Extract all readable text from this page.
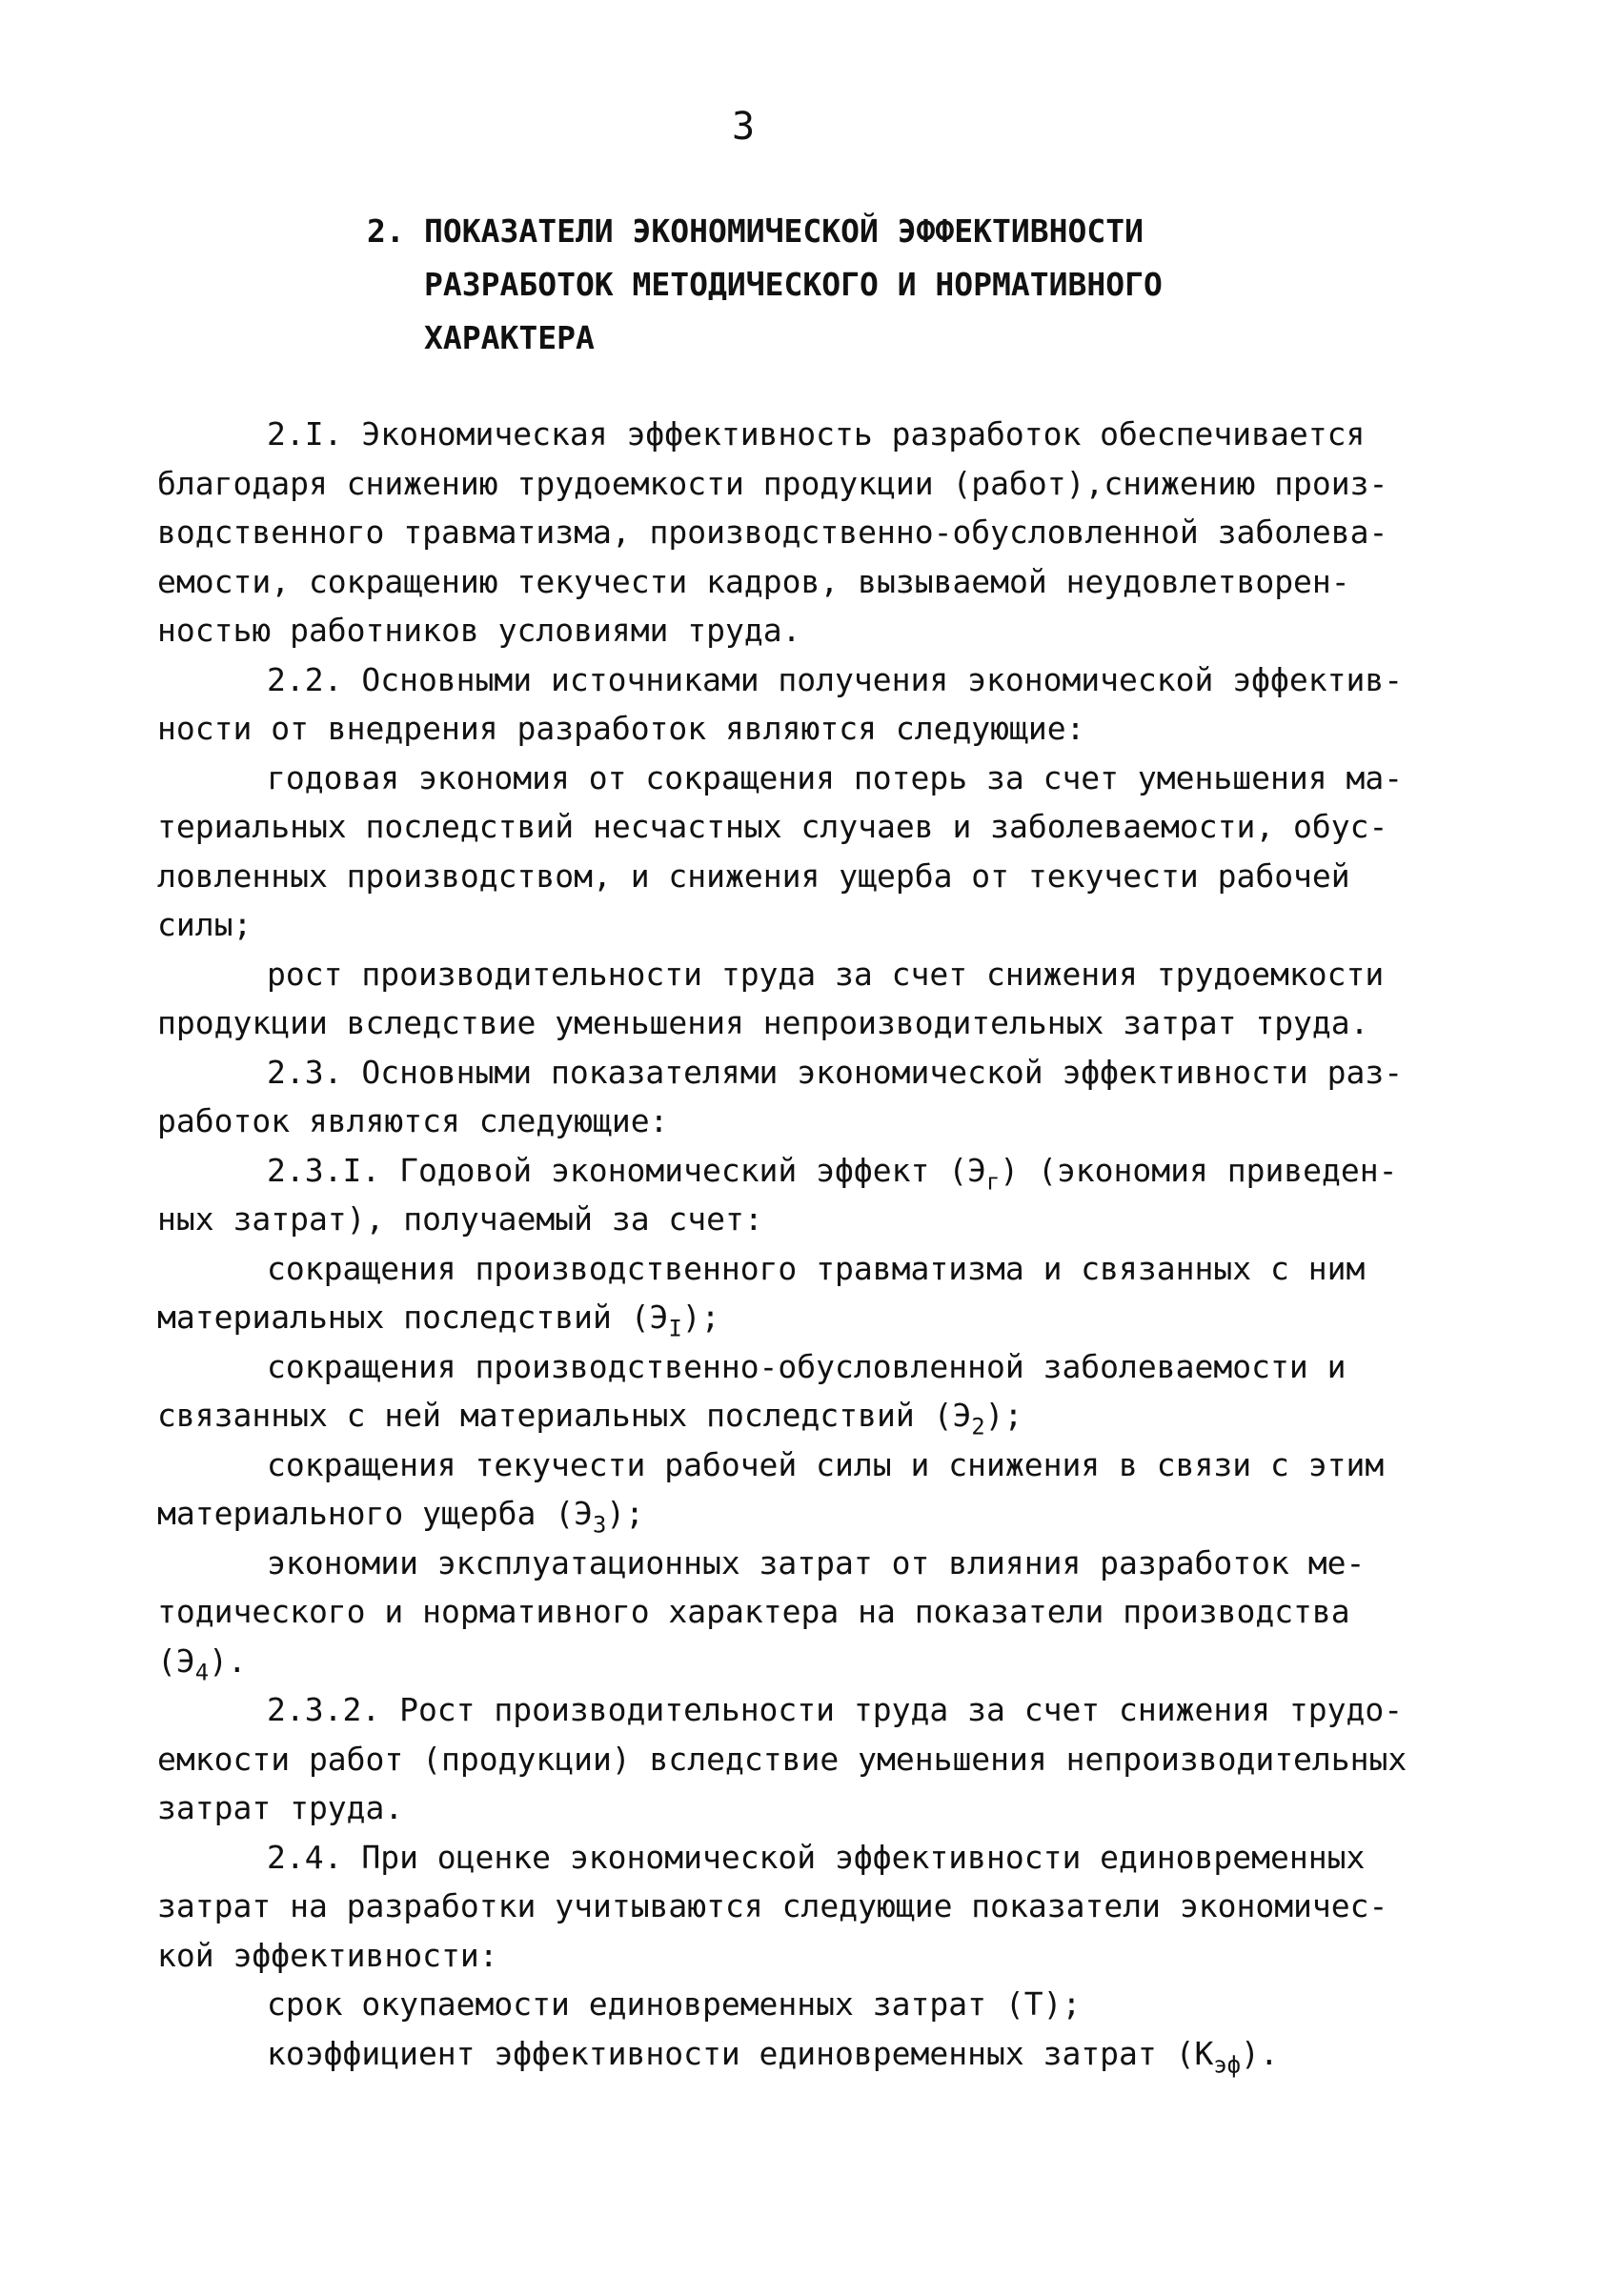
3
2. ПОКАЗАТЕЛИ ЭКОНОМИЧЕСКОЙ ЭФФЕКТИВНОСТИ
РАЗРАБОТОК МЕТОДИЧЕСКОГО И НОРМАТИВНОГО
ХАРАКТЕРА
2.I. Экономическая эффективность разработок обеспечивается
благодаря снижению трудоемкости продукции (работ),снижению произ-
водственного травматизма, производственно-обусловленной заболева-
емости, сокращению текучести кадров, вызываемой неудовлетворен-
ностью работников условиями труда.
2.2. Основными источниками получения экономической эффектив-
ности от внедрения разработок являются следующие:
годовая экономия от сокращения потерь за счет уменьшения ма-
териальных последствий несчастных случаев и заболеваемости, обус-
ловленных производством, и снижения ущерба от текучести рабочей
силы;
рост производительности труда за счет снижения трудоемкости
продукции вследствие уменьшения непроизводительных затрат труда.
2.3. Основными показателями экономической эффективности раз-
работок являются следующие:
2.3.I. Годовой экономический эффект $(Э_г)$ (экономия приведен-
ных затрат), получаемый за счет:
сокращения производственного травматизма и связанных с ним
материальных последствий $(Э_I)$;
сокращения производственно-обусловленной заболеваемости и
связанных с ней материальных последствий $(Э_2)$;
сокращения текучести рабочей силы и снижения в связи с этим
материального ущерба $(Э_3)$;
экономии эксплуатационных затрат от влияния разработок ме-
тодического и нормативного характера на показатели производства
$(Э_4)$.
2.3.2. Рост производительности труда за счет снижения трудо-
емкости работ (продукции) вследствие уменьшения непроизводительных
затрат труда.
2.4. При оценке экономической эффективности единовременных
затрат на разработки учитываются следующие показатели экономичес-
кой эффективности:
срок окупаемости единовременных затрат (Т);
коэффициент эффективности единовременных затрат $(К_{эф})$.
